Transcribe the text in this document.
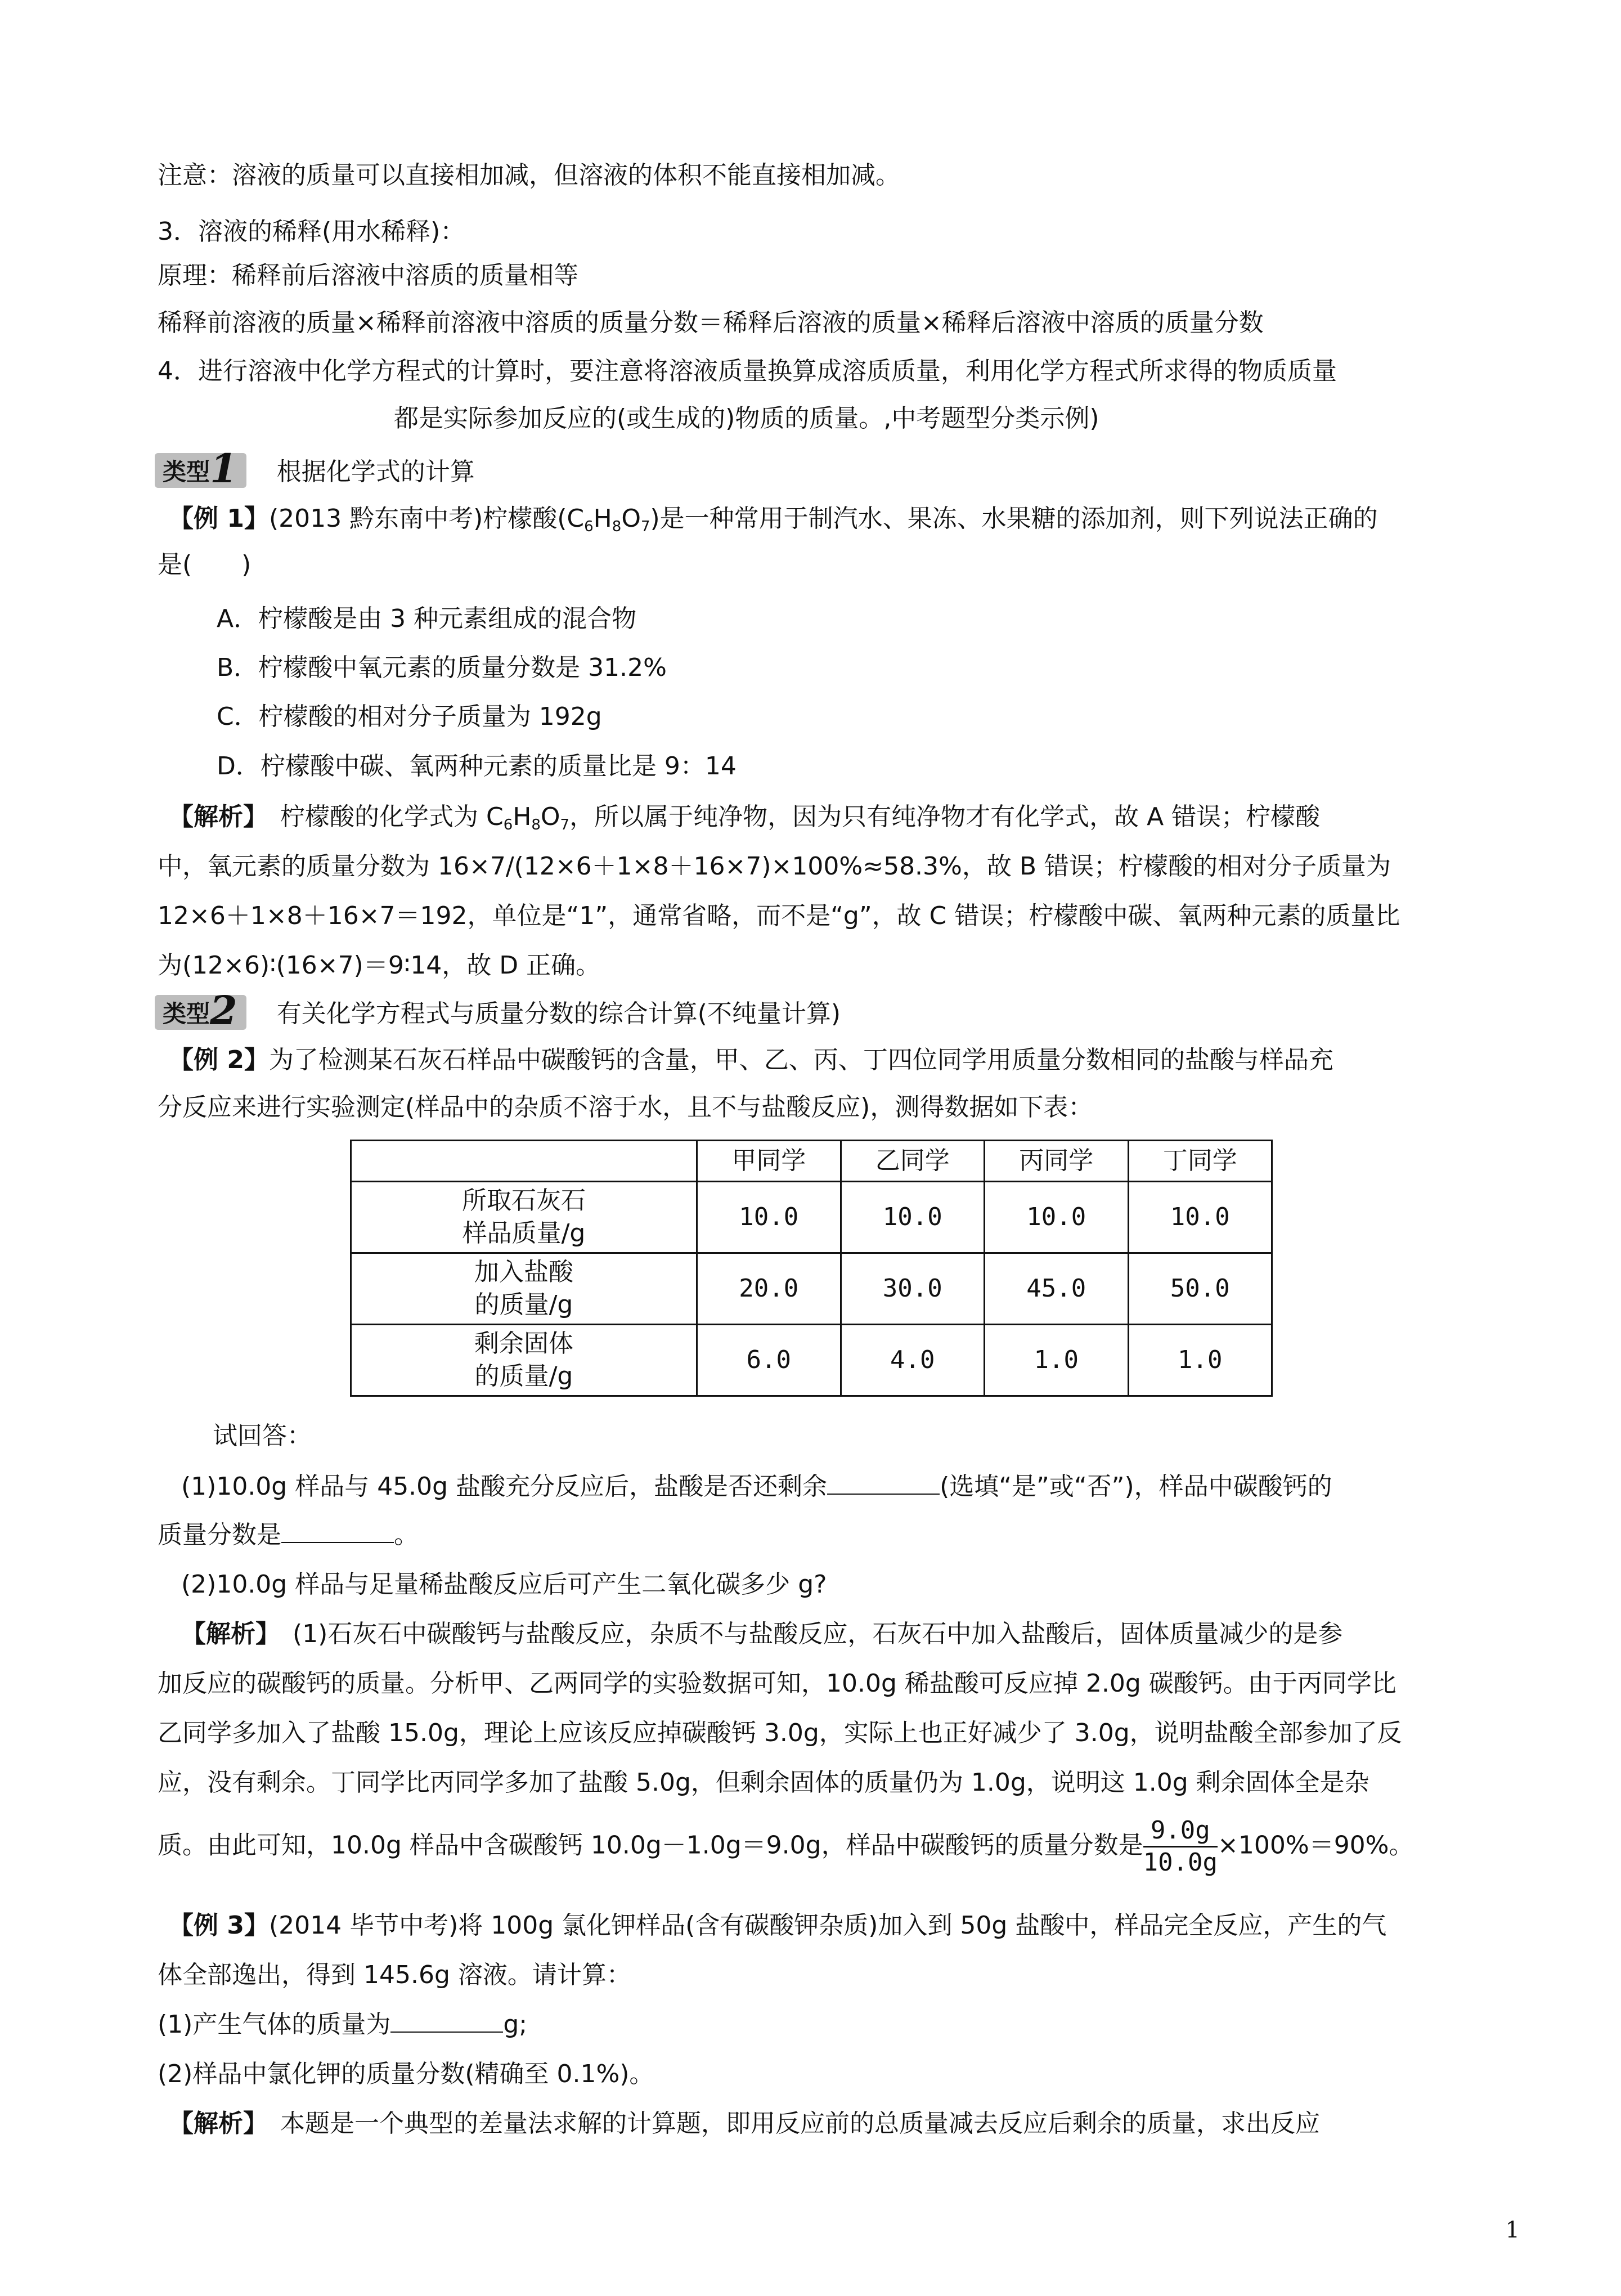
注意：溶液的质量可以直接相加减，但溶液的体积不能直接相加减。
3．溶液的稀释(用水稀释)：
原理：稀释前后溶液中溶质的质量相等
稀释前溶液的质量×稀释前溶液中溶质的质量分数＝稀释后溶液的质量×稀释后溶液中溶质的质量分数
4．进行溶液中化学方程式的计算时，要注意将溶液质量换算成溶质质量，利用化学方程式所求得的物质质量
都是实际参加反应的(或生成的)物质的质量。,中考题型分类示例)
类型1 根据化学式的计算
【例 1】(2013 黔东南中考)柠檬酸$(C_6H_8O_7)$是一种常用于制汽水、果冻、水果糖的添加剂，则下列说法正确的
是(　　)
A．柠檬酸是由 3 种元素组成的混合物
B．柠檬酸中氧元素的质量分数是 31.2%
C．柠檬酸的相对分子质量为 192g
D．柠檬酸中碳、氧两种元素的质量比是 9：14
【解析】　柠檬酸的化学式为 $C_6H_8O_7$，所以属于纯净物，因为只有纯净物才有化学式，故 A 错误；柠檬酸
中，氧元素的质量分数为 16×7/(12×6＋1×8＋16×7)×100%≈58.3%，故 B 错误；柠檬酸的相对分子质量为
12×6＋1×8＋16×7＝192，单位是“1”，通常省略，而不是“g”，故 C 错误；柠檬酸中碳、氧两种元素的质量比
为(12×6)∶(16×7)＝9∶14，故 D 正确。
类型2 有关化学方程式与质量分数的综合计算(不纯量计算)
【例 2】为了检测某石灰石样品中碳酸钙的含量，甲、乙、丙、丁四位同学用质量分数相同的盐酸与样品充
分反应来进行实验测定(样品中的杂质不溶于水，且不与盐酸反应)，测得数据如下表：
	甲同学	乙同学	丙同学	丁同学

所取石灰石
样品质量/g	10.0	10.0	10.0	10.0

加入盐酸
的质量/g	20.0	30.0	45.0	50.0

剩余固体
的质量/g	6.0	4.0	1.0	1.0
试回答：
(1)10.0g 样品与 45.0g 盐酸充分反应后，盐酸是否还剩余	(选填“是”或“否”)，样品中碳酸钙的
质量分数是	。
(2)10.0g 样品与足量稀盐酸反应后可产生二氧化碳多少 g?
【解析】　(1)石灰石中碳酸钙与盐酸反应，杂质不与盐酸反应，石灰石中加入盐酸后，固体质量减少的是参
加反应的碳酸钙的质量。分析甲、乙两同学的实验数据可知，10.0g 稀盐酸可反应掉 2.0g 碳酸钙。由于丙同学比
乙同学多加入了盐酸 15.0g，理论上应该反应掉碳酸钙 3.0g，实际上也正好减少了 3.0g，说明盐酸全部参加了反
应，没有剩余。丁同学比丙同学多加了盐酸 5.0g，但剩余固体的质量仍为 1.0g，说明这 1.0g 剩余固体全是杂
质。由此可知，10.0g 样品中含碳酸钙 10.0g－1.0g＝9.0g，样品中碳酸钙的质量分数是 $\frac{9.0g}{10.0g} \times 100\%=90\%$。
【例 3】(2014 毕节中考)将 100g 氯化钾样品(含有碳酸钾杂质)加入到 50g 盐酸中，样品完全反应，产生的气
体全部逸出，得到 145.6g 溶液。请计算：
(1)产生气体的质量为	g;
(2)样品中氯化钾的质量分数(精确至 0.1%)。
【解析】　本题是一个典型的差量法求解的计算题，即用反应前的总质量减去反应后剩余的质量，求出反应
1
